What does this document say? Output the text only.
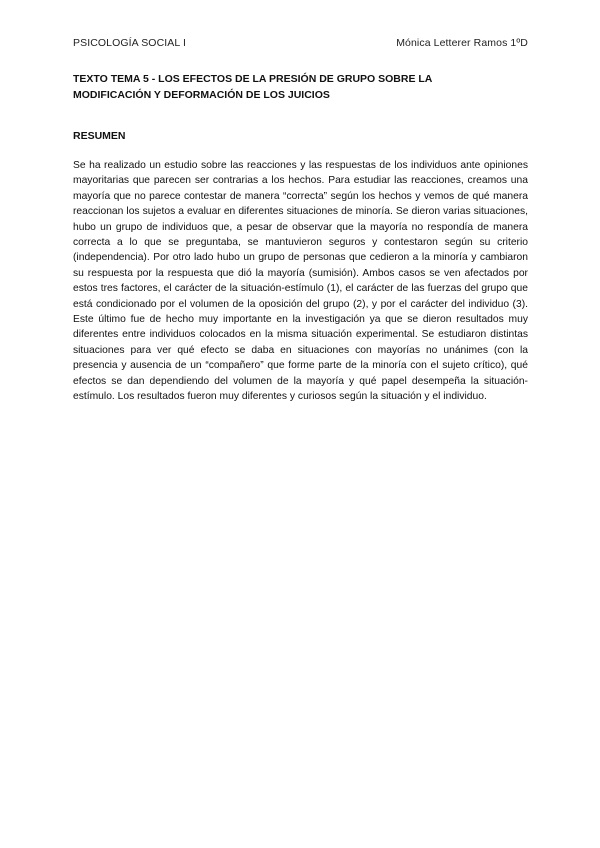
PSICOLOGÍA SOCIAL I	Mónica Letterer Ramos 1ºD
TEXTO TEMA 5 - LOS EFECTOS DE LA PRESIÓN DE GRUPO SOBRE LA MODIFICACIÓN Y DEFORMACIÓN DE LOS JUICIOS
RESUMEN
Se ha realizado un estudio sobre las reacciones y las respuestas de los individuos ante opiniones mayoritarias que parecen ser contrarias a los hechos. Para estudiar las reacciones, creamos una mayoría que no parece contestar de manera “correcta” según los hechos y vemos de qué manera reaccionan los sujetos a evaluar en diferentes situaciones de minoría. Se dieron varias situaciones, hubo un grupo de individuos que, a pesar de observar que la mayoría no respondía de manera correcta a lo que se preguntaba, se mantuvieron seguros y contestaron según su criterio (independencia). Por otro lado hubo un grupo de personas que cedieron a la minoría y cambiaron su respuesta por la respuesta que dió la mayoría (sumisión). Ambos casos se ven afectados por estos tres factores, el carácter de la situación-estímulo (1), el carácter de las fuerzas del grupo que está condicionado por el volumen de la oposición del grupo (2), y por el carácter del individuo (3). Este último fue de hecho muy importante en la investigación ya que se dieron resultados muy diferentes entre individuos colocados en la misma situación experimental. Se estudiaron distintas situaciones para ver qué efecto se daba en situaciones con mayorías no unánimes (con la presencia y ausencia de un “compañero” que forme parte de la minoría con el sujeto crítico), qué efectos se dan dependiendo del volumen de la mayoría y qué papel desempeña la situación-estímulo. Los resultados fueron muy diferentes y curiosos según la situación y el individuo.
